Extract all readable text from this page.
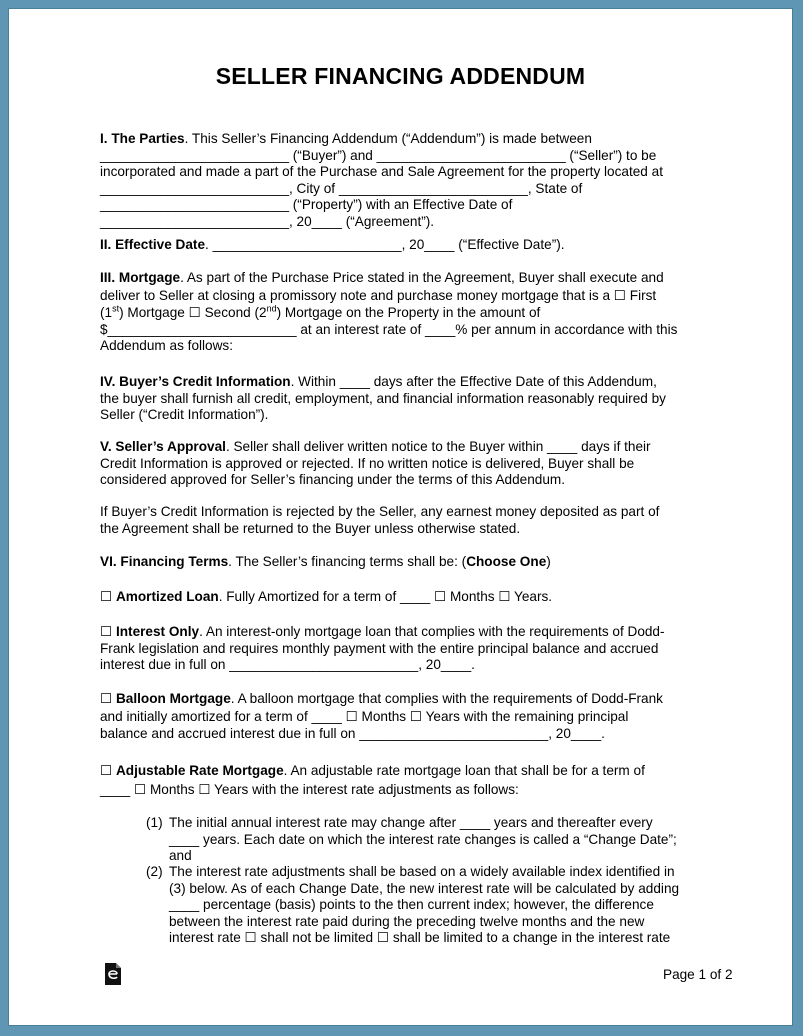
SELLER FINANCING ADDENDUM
I. The Parties. This Seller’s Financing Addendum (“Addendum”) is made between
_________________________ (“Buyer”) and _________________________ (“Seller”) to be
incorporated and made a part of the Purchase and Sale Agreement for the property located at
_________________________, City of _________________________, State of
_________________________ (“Property”) with an Effective Date of
_________________________, 20____ (“Agreement”).
II. Effective Date. _________________________, 20____ (“Effective Date”).
III. Mortgage. As part of the Purchase Price stated in the Agreement, Buyer shall execute and
deliver to Seller at closing a promissory note and purchase money mortgage that is a ☐ First
(1st) Mortgage ☐ Second (2nd) Mortgage on the Property in the amount of
$_________________________ at an interest rate of ____% per annum in accordance with this
Addendum as follows:
IV. Buyer’s Credit Information. Within ____ days after the Effective Date of this Addendum,
the buyer shall furnish all credit, employment, and financial information reasonably required by
Seller (“Credit Information”).
V. Seller’s Approval. Seller shall deliver written notice to the Buyer within ____ days if their
Credit Information is approved or rejected. If no written notice is delivered, Buyer shall be
considered approved for Seller’s financing under the terms of this Addendum.
If Buyer’s Credit Information is rejected by the Seller, any earnest money deposited as part of
the Agreement shall be returned to the Buyer unless otherwise stated.
VI. Financing Terms. The Seller’s financing terms shall be: (Choose One)
☐ Amortized Loan. Fully Amortized for a term of ____ ☐ Months ☐ Years.
☐ Interest Only. An interest-only mortgage loan that complies with the requirements of Dodd-
Frank legislation and requires monthly payment with the entire principal balance and accrued
interest due in full on _________________________, 20____.
☐ Balloon Mortgage. A balloon mortgage that complies with the requirements of Dodd-Frank
and initially amortized for a term of ____ ☐ Months ☐ Years with the remaining principal
balance and accrued interest due in full on _________________________, 20____.
☐ Adjustable Rate Mortgage. An adjustable rate mortgage loan that shall be for a term of
____ ☐ Months ☐ Years with the interest rate adjustments as follows:
(1) The initial annual interest rate may change after ____ years and thereafter every
____ years. Each date on which the interest rate changes is called a “Change Date”;
and
(2) The interest rate adjustments shall be based on a widely available index identified in
(3) below. As of each Change Date, the new interest rate will be calculated by adding
____ percentage (basis) points to the then current index; however, the difference
between the interest rate paid during the preceding twelve months and the new
interest rate ☐ shall not be limited ☐ shall be limited to a change in the interest rate
Page 1 of 2
